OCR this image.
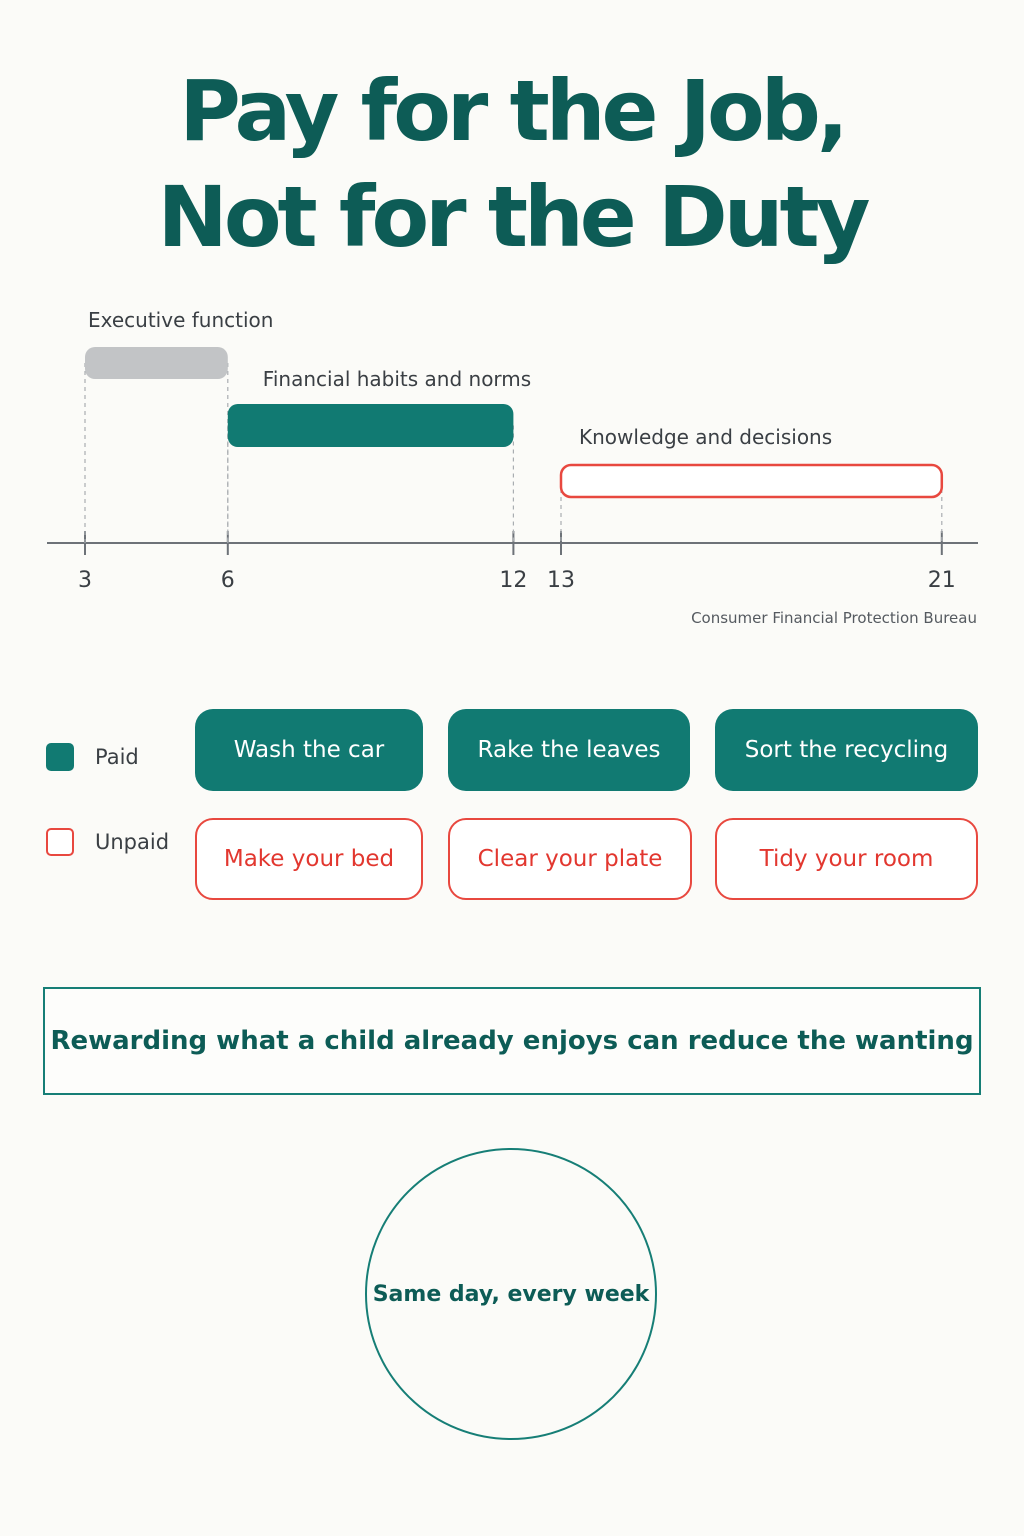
Pay for the Job,
Not for the Duty
3	6	12 13	21
Executive function
Financial habits and norms
Knowledge and decisions
Consumer Financial Protection Bureau
Paid
Unpaid
Wash the car	Rake the leaves	Sort the recycling
Make your bed	Clear your plate	Tidy your room
Rewarding what a child already enjoys can reduce the wanting
Same day, every week
